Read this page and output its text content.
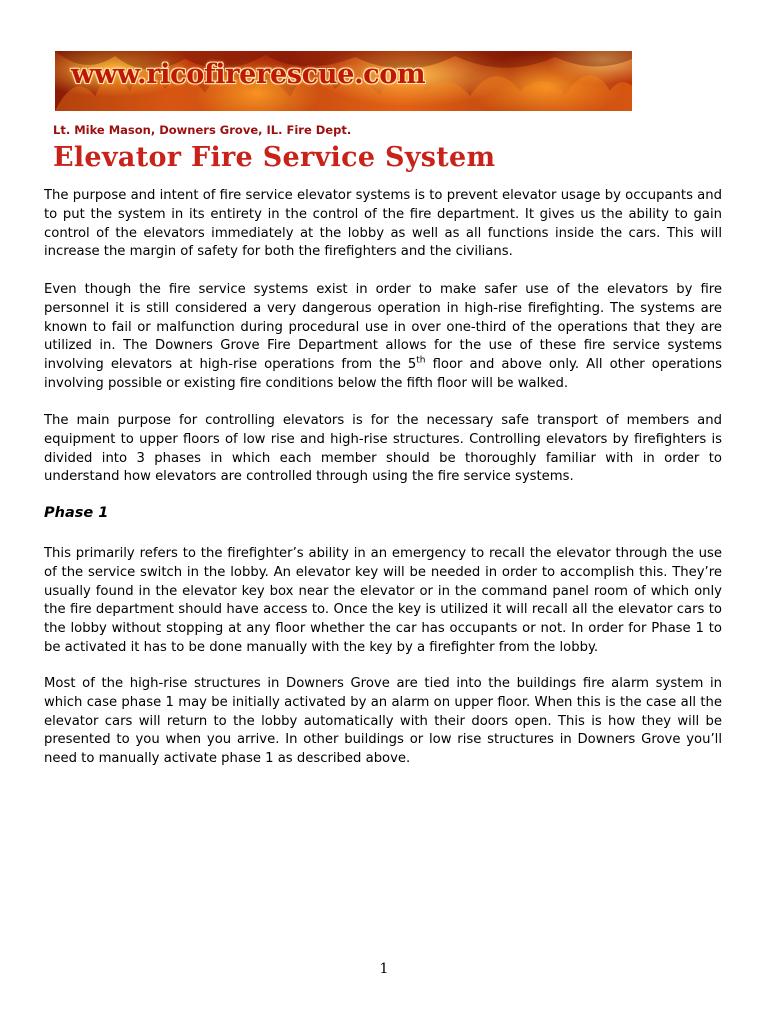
www.ricofirerescue.com
Lt. Mike Mason, Downers Grove, IL. Fire Dept.
Elevator Fire Service System

The purpose and intent of fire service elevator systems is to prevent elevator usage by occupants and to put the system in its entirety in the control of the fire department. It gives us the ability to gain control of the elevators immediately at the lobby as well as all functions inside the cars. This will increase the margin of safety for both the firefighters and the civilians.

Even though the fire service systems exist in order to make safer use of the elevators by fire personnel it is still considered a very dangerous operation in high-rise firefighting. The systems are known to fail or malfunction during procedural use in over one-third of the operations that they are utilized in. The Downers Grove Fire Department allows for the use of these fire service systems involving elevators at high-rise operations from the 5th floor and above only. All other operations involving possible or existing fire conditions below the fifth floor will be walked.

The main purpose for controlling elevators is for the necessary safe transport of members and equipment to upper floors of low rise and high-rise structures. Controlling elevators by firefighters is divided into 3 phases in which each member should be thoroughly familiar with in order to understand how elevators are controlled through using the fire service systems.

Phase 1

This primarily refers to the firefighter’s ability in an emergency to recall the elevator through the use of the service switch in the lobby. An elevator key will be needed in order to accomplish this. They’re usually found in the elevator key box near the elevator or in the command panel room of which only the fire department should have access to. Once the key is utilized it will recall all the elevator cars to the lobby without stopping at any floor whether the car has occupants or not. In order for Phase 1 to be activated it has to be done manually with the key by a firefighter from the lobby.

Most of the high-rise structures in Downers Grove are tied into the buildings fire alarm system in which case phase 1 may be initially activated by an alarm on upper floor. When this is the case all the elevator cars will return to the lobby automatically with their doors open. This is how they will be presented to you when you arrive. In other buildings or low rise structures in Downers Grove you’ll need to manually activate phase 1 as described above.

1
